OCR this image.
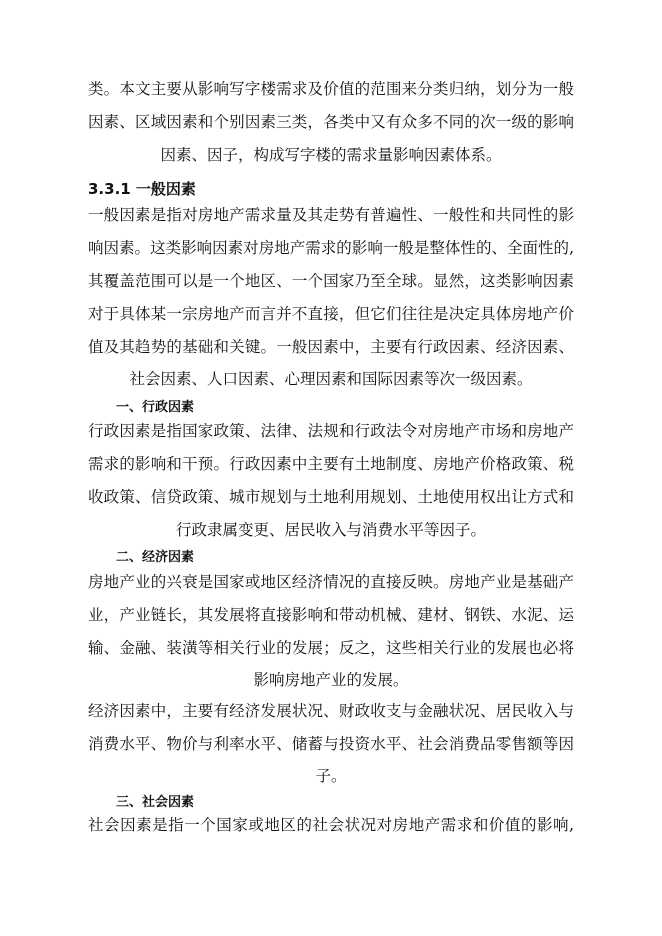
类。本文主要从影响写字楼需求及价值的范围来分类归纳，划分为一般
因素、区域因素和个别因素三类，各类中又有众多不同的次一级的影响
因素、因子，构成写字楼的需求量影响因素体系。
3.3.1 一般因素
一般因素是指对房地产需求量及其走势有普遍性、一般性和共同性的影
响因素。这类影响因素对房地产需求的影响一般是整体性的、全面性的,
其覆盖范围可以是一个地区、一个国家乃至全球。显然，这类影响因素
对于具体某一宗房地产而言并不直接，但它们往往是决定具体房地产价
值及其趋势的基础和关键。一般因素中，主要有行政因素、经济因素、
社会因素、人口因素、心理因素和国际因素等次一级因素。
一、行政因素
行政因素是指国家政策、法律、法规和行政法令对房地产市场和房地产
需求的影响和干预。行政因素中主要有土地制度、房地产价格政策、税
收政策、信贷政策、城市规划与土地利用规划、土地使用权出让方式和
行政隶属变更、居民收入与消费水平等因子。
二、经济因素
房地产业的兴衰是国家或地区经济情况的直接反映。房地产业是基础产
业，产业链长，其发展将直接影响和带动机械、建材、钢铁、水泥、运
输、金融、装潢等相关行业的发展；反之，这些相关行业的发展也必将
影响房地产业的发展。
经济因素中，主要有经济发展状况、财政收支与金融状况、居民收入与
消费水平、物价与利率水平、储蓄与投资水平、社会消费品零售额等因
子。
三、社会因素
社会因素是指一个国家或地区的社会状况对房地产需求和价值的影响,
